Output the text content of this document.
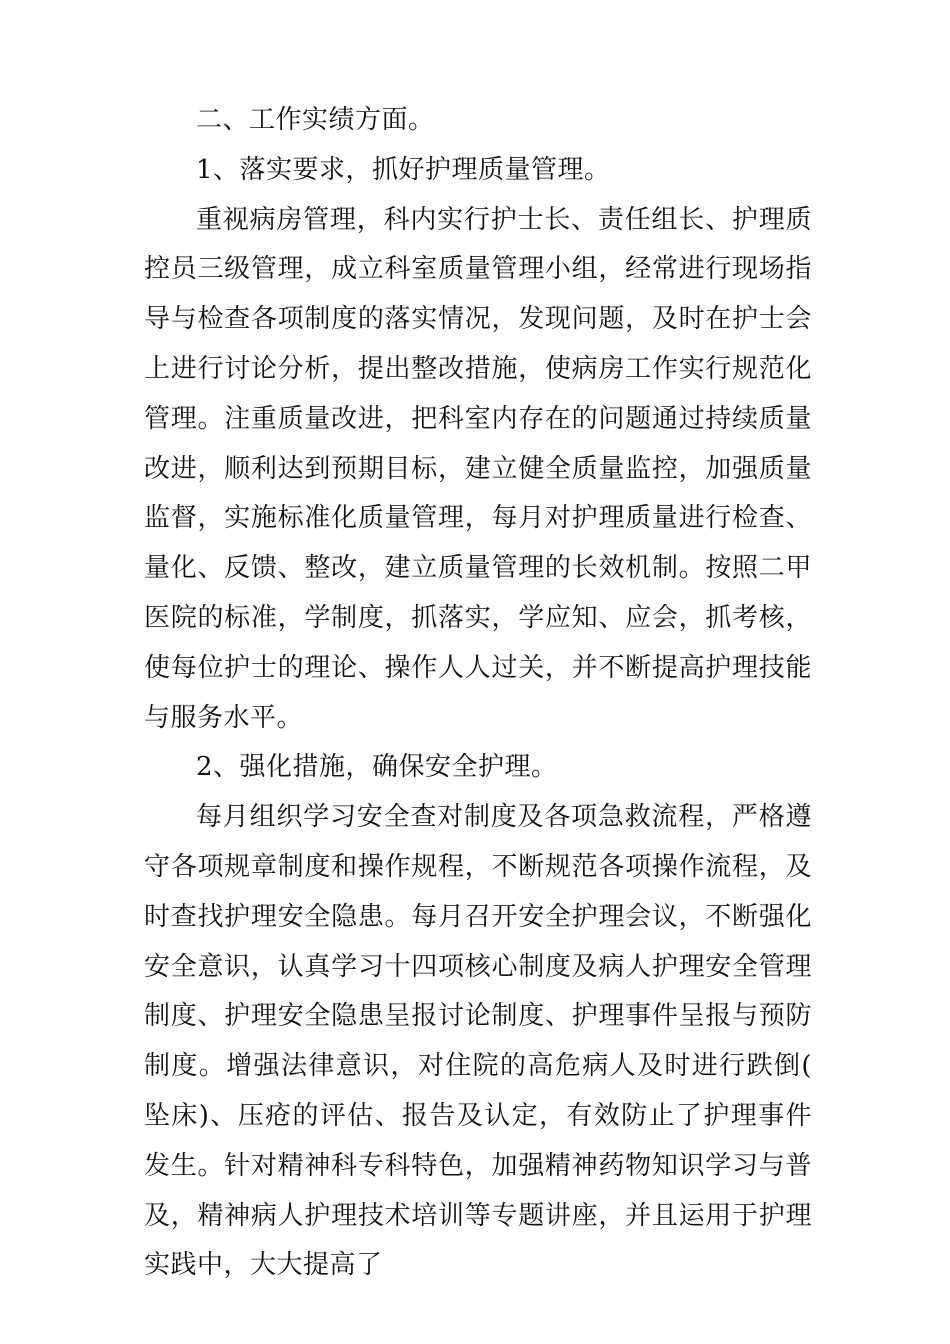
二、工作实绩方面。

1、落实要求，抓好护理质量管理。

重视病房管理，科内实行护士长、责任组长、护理质控员三级管理，成立科室质量管理小组，经常进行现场指导与检查各项制度的落实情况，发现问题，及时在护士会上进行讨论分析，提出整改措施，使病房工作实行规范化管理。注重质量改进，把科室内存在的问题通过持续质量改进，顺利达到预期目标，建立健全质量监控，加强质量监督，实施标准化质量管理，每月对护理质量进行检查、量化、反馈、整改，建立质量管理的长效机制。按照二甲医院的标准，学制度，抓落实，学应知、应会，抓考核，使每位护士的理论、操作人人过关，并不断提高护理技能与服务水平。

2、强化措施，确保安全护理。

每月组织学习安全查对制度及各项急救流程，严格遵守各项规章制度和操作规程，不断规范各项操作流程，及时查找护理安全隐患。每月召开安全护理会议，不断强化安全意识，认真学习十四项核心制度及病人护理安全管理制度、护理安全隐患呈报讨论制度、护理事件呈报与预防制度。增强法律意识，对住院的高危病人及时进行跌倒(坠床)、压疮的评估、报告及认定，有效防止了护理事件发生。针对精神科专科特色，加强精神药物知识学习与普及，精神病人护理技术培训等专题讲座，并且运用于护理实践中，大大提高了
